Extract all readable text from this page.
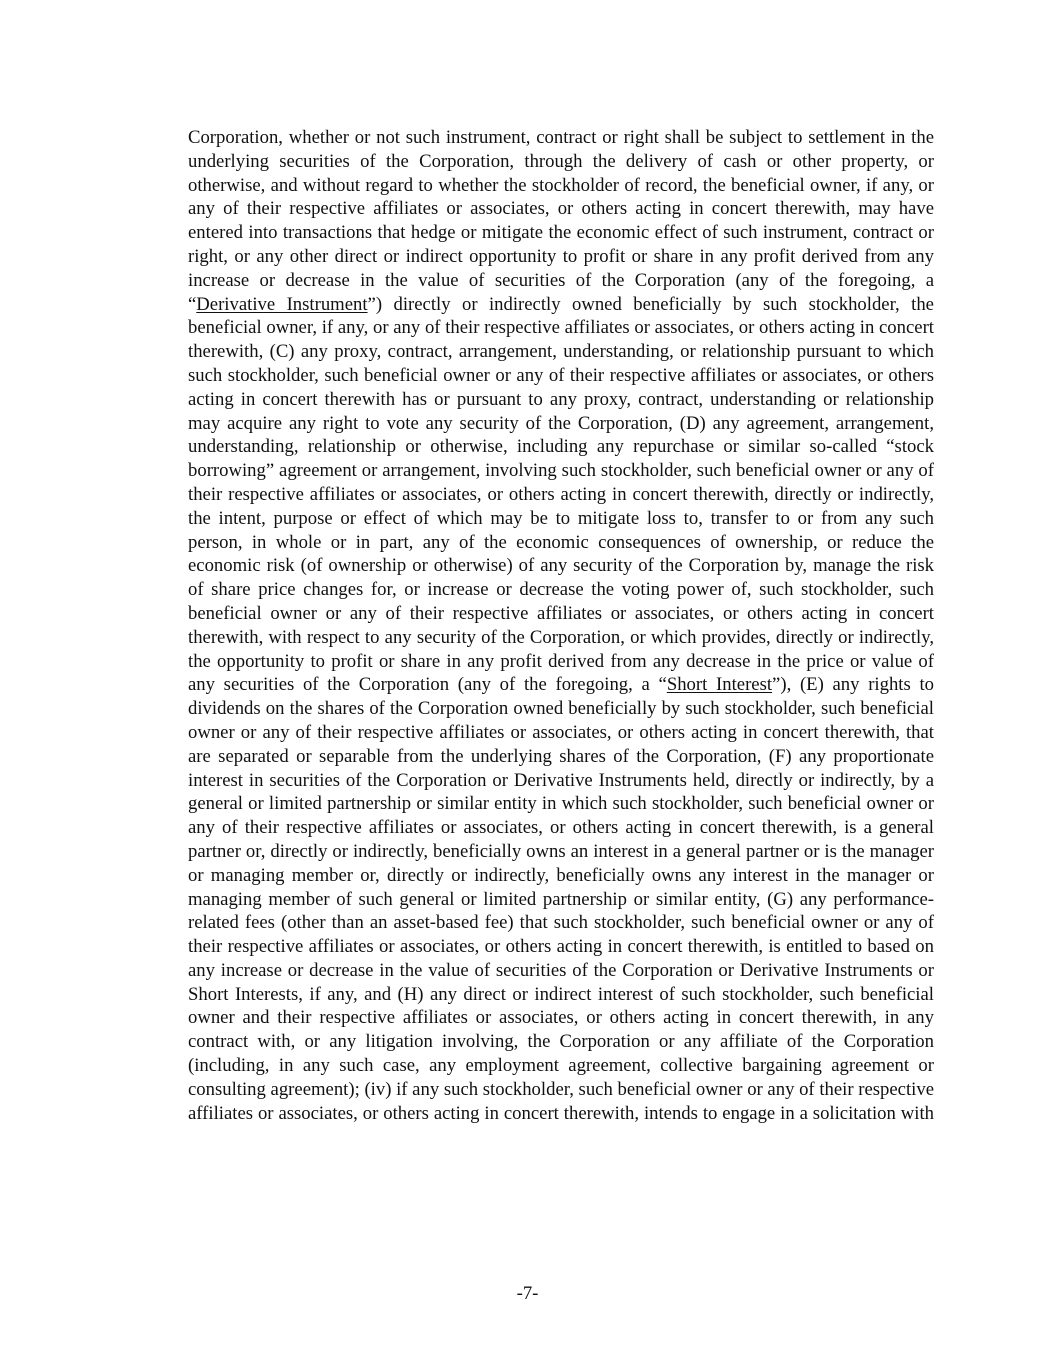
Corporation, whether or not such instrument, contract or right shall be subject to settlement in the underlying securities of the Corporation, through the delivery of cash or other property, or otherwise, and without regard to whether the stockholder of record, the beneficial owner, if any, or any of their respective affiliates or associates, or others acting in concert therewith, may have entered into transactions that hedge or mitigate the economic effect of such instrument, contract or right, or any other direct or indirect opportunity to profit or share in any profit derived from any increase or decrease in the value of securities of the Corporation (any of the foregoing, a “Derivative Instrument”) directly or indirectly owned beneficially by such stockholder, the beneficial owner, if any, or any of their respective affiliates or associates, or others acting in concert therewith, (C) any proxy, contract, arrangement, understanding, or relationship pursuant to which such stockholder, such beneficial owner or any of their respective affiliates or associates, or others acting in concert therewith has or pursuant to any proxy, contract, understanding or relationship may acquire any right to vote any security of the Corporation, (D) any agreement, arrangement, understanding, relationship or otherwise, including any repurchase or similar so-called “stock borrowing” agreement or arrangement, involving such stockholder, such beneficial owner or any of their respective affiliates or associates, or others acting in concert therewith, directly or indirectly, the intent, purpose or effect of which may be to mitigate loss to, transfer to or from any such person, in whole or in part, any of the economic consequences of ownership, or reduce the economic risk (of ownership or otherwise) of any security of the Corporation by, manage the risk of share price changes for, or increase or decrease the voting power of, such stockholder, such beneficial owner or any of their respective affiliates or associates, or others acting in concert therewith, with respect to any security of the Corporation, or which provides, directly or indirectly, the opportunity to profit or share in any profit derived from any decrease in the price or value of any securities of the Corporation (any of the foregoing, a “Short Interest”), (E) any rights to dividends on the shares of the Corporation owned beneficially by such stockholder, such beneficial owner or any of their respective affiliates or associates, or others acting in concert therewith, that are separated or separable from the underlying shares of the Corporation, (F) any proportionate interest in securities of the Corporation or Derivative Instruments held, directly or indirectly, by a general or limited partnership or similar entity in which such stockholder, such beneficial owner or any of their respective affiliates or associates, or others acting in concert therewith, is a general partner or, directly or indirectly, beneficially owns an interest in a general partner or is the manager or managing member or, directly or indirectly, beneficially owns any interest in the manager or managing member of such general or limited partnership or similar entity, (G) any performance-related fees (other than an asset-based fee) that such stockholder, such beneficial owner or any of their respective affiliates or associates, or others acting in concert therewith, is entitled to based on any increase or decrease in the value of securities of the Corporation or Derivative Instruments or Short Interests, if any, and (H) any direct or indirect interest of such stockholder, such beneficial owner and their respective affiliates or associates, or others acting in concert therewith, in any contract with, or any litigation involving, the Corporation or any affiliate of the Corporation (including, in any such case, any employment agreement, collective bargaining agreement or consulting agreement); (iv) if any such stockholder, such beneficial owner or any of their respective affiliates or associates, or others acting in concert therewith, intends to engage in a solicitation with

-7-
